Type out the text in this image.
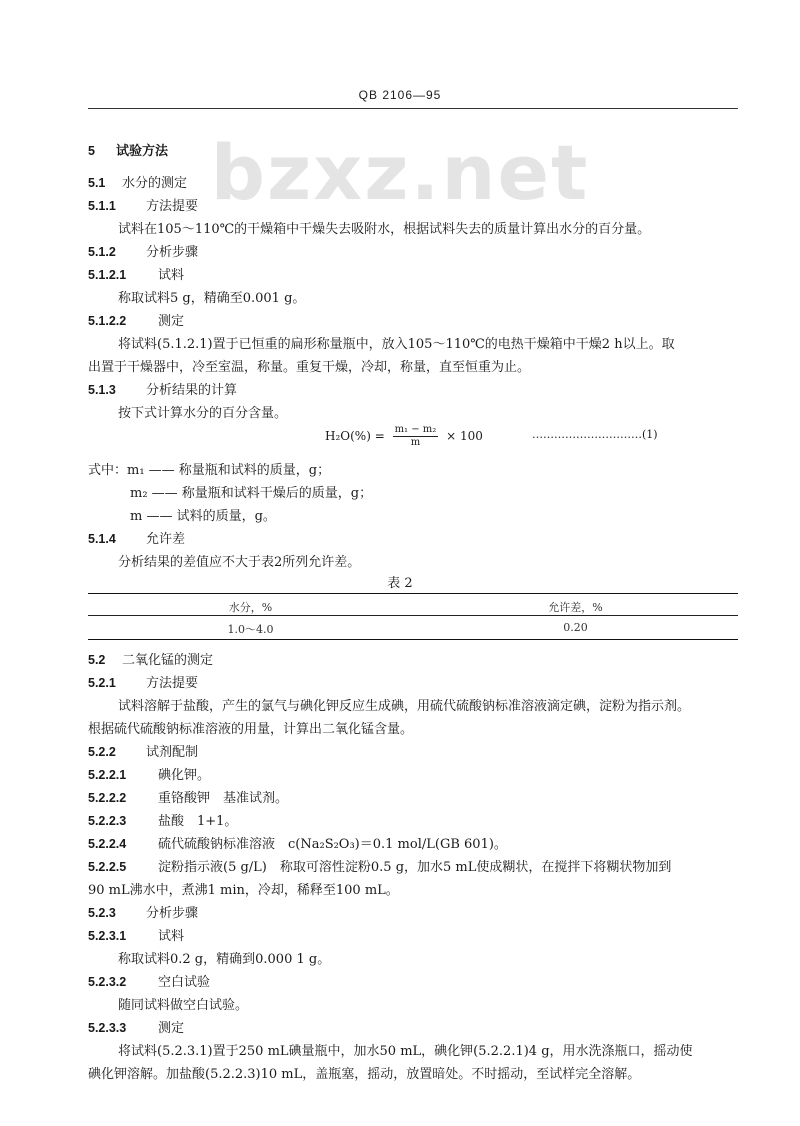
QB 2106—95
bzxz.net
5 试验方法
5.1 水分的测定
5.1.1 方法提要
试料在105～110℃的干燥箱中干燥失去吸附水，根据试料失去的质量计算出水分的百分量。
5.1.2 分析步骤
5.1.2.1 试料
称取试料5 g，精确至0.001 g。
5.1.2.2 测定
将试料(5.1.2.1)置于已恒重的扁形称量瓶中，放入105～110℃的电热干燥箱中干燥2 h以上。取
出置于干燥器中，冷至室温，称量。重复干燥，冷却，称量，直至恒重为止。
5.1.3 分析结果的计算
按下式计算水分的百分含量。
$H_2O(\%) = \frac{\text{m₁ − m₂}}{m} \times 100$	…………………………(1)
式中：m₁ —— 称量瓶和试料的质量，g；
m₂ —— 称量瓶和试料干燥后的质量，g；
m —— 试料的质量，g。
5.1.4 允许差
分析结果的差值应不大于表2所列允许差。
表 2
水分，%	允许差，%
1.0～4.0	0.20
5.2 二氧化锰的测定
5.2.1 方法提要
试料溶解于盐酸，产生的氯气与碘化钾反应生成碘，用硫代硫酸钠标准溶液滴定碘，淀粉为指示剂。
根据硫代硫酸钠标准溶液的用量，计算出二氧化锰含量。
5.2.2 试剂配制
5.2.2.1 碘化钾。
5.2.2.2 重铬酸钾　基准试剂。
5.2.2.3 盐酸　1+1。
5.2.2.4 硫代硫酸钠标准溶液　c(Na₂S₂O₃)＝0.1 mol/L(GB 601)。
5.2.2.5 淀粉指示液(5 g/L)　称取可溶性淀粉0.5 g，加水5 mL使成糊状，在搅拌下将糊状物加到
90 mL沸水中，煮沸1 min，冷却，稀释至100 mL。
5.2.3 分析步骤
5.2.3.1 试料
称取试料0.2 g，精确到0.000 1 g。
5.2.3.2 空白试验
随同试料做空白试验。
5.2.3.3 测定
将试料(5.2.3.1)置于250 mL碘量瓶中，加水50 mL，碘化钾(5.2.2.1)4 g，用水洗涤瓶口，摇动使
碘化钾溶解。加盐酸(5.2.2.3)10 mL，盖瓶塞，摇动，放置暗处。不时摇动，至试样完全溶解。
